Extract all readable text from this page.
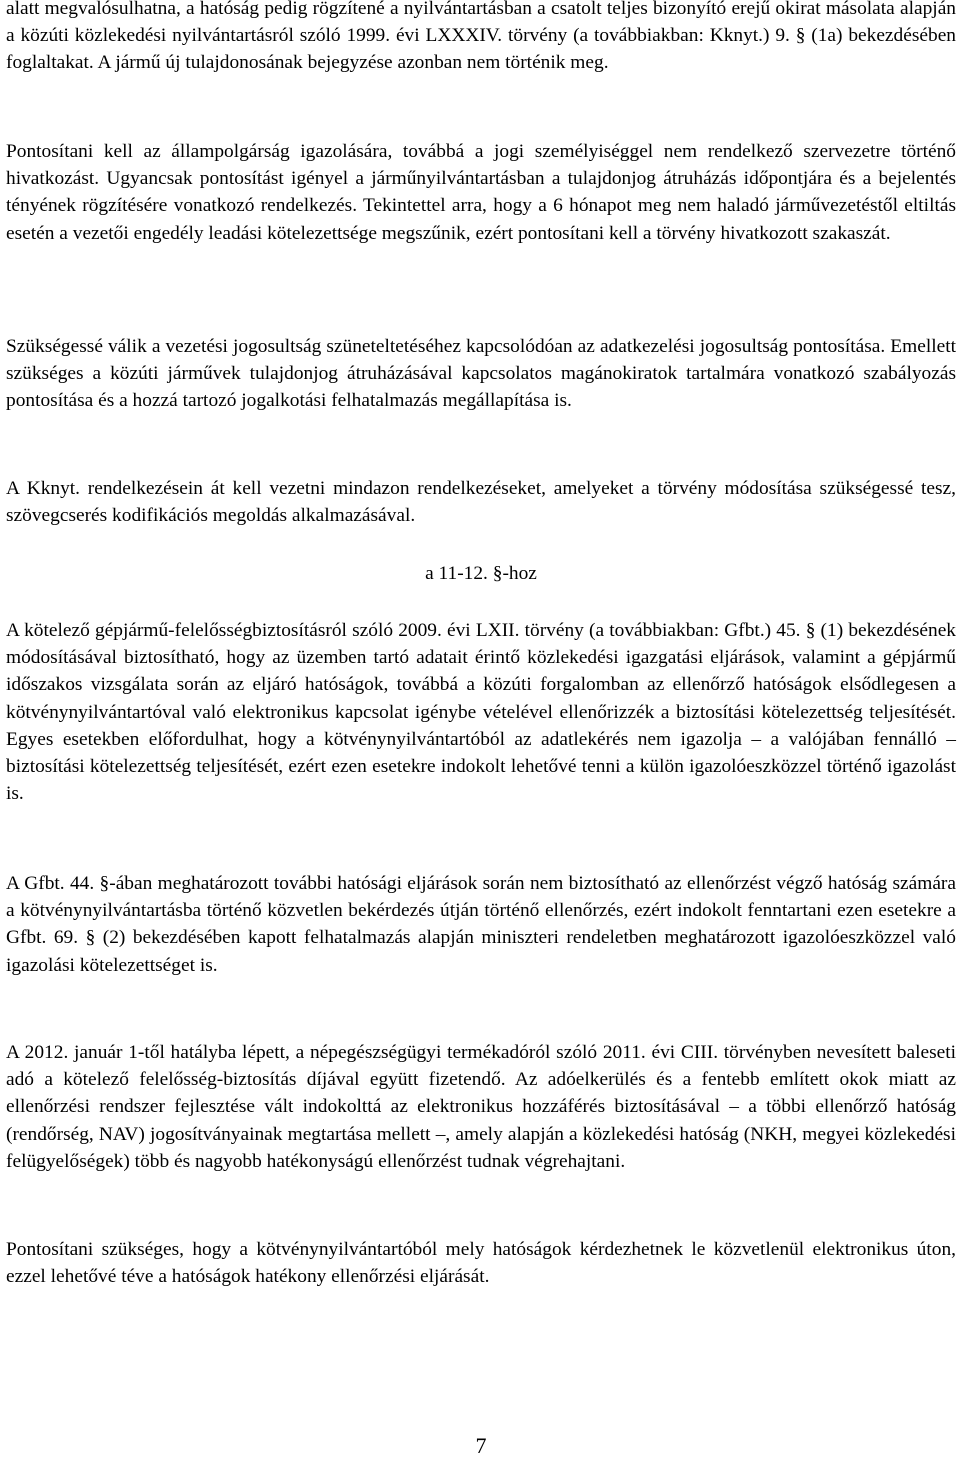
alatt megvalósulhatna, a hatóság pedig rögzítené a nyilvántartásban a csatolt teljes bizonyító erejű okirat másolata alapján a közúti közlekedési nyilvántartásról szóló 1999. évi LXXXIV. törvény (a továbbiakban: Kknyt.) 9. § (1a) bekezdésében foglaltakat. A jármű új tulajdonosának bejegyzése azonban nem történik meg.

Pontosítani kell az állampolgárság igazolására, továbbá a jogi személyiséggel nem rendelkező szervezetre történő hivatkozást. Ugyancsak pontosítást igényel a járműnyilvántartásban a tulajdonjog átruházás időpontjára és a bejelentés tényének rögzítésére vonatkozó rendelkezés. Tekintettel arra, hogy a 6 hónapot meg nem haladó járművezetéstől eltiltás esetén a vezetői engedély leadási kötelezettsége megszűnik, ezért pontosítani kell a törvény hivatkozott szakaszát.

Szükségessé válik a vezetési jogosultság szüneteltetéséhez kapcsolódóan az adatkezelési jogosultság pontosítása. Emellett szükséges a közúti járművek tulajdonjog átruházásával kapcsolatos magánokiratok tartalmára vonatkozó szabályozás pontosítása és a hozzá tartozó jogalkotási felhatalmazás megállapítása is.

A Kknyt. rendelkezésein át kell vezetni mindazon rendelkezéseket, amelyeket a törvény módosítása szükségessé tesz, szövegcserés kodifikációs megoldás alkalmazásával.

a 11-12. §-hoz

A kötelező gépjármű-felelősségbiztosításról szóló 2009. évi LXII. törvény (a továbbiakban: Gfbt.) 45. § (1) bekezdésének módosításával biztosítható, hogy az üzemben tartó adatait érintő közlekedési igazgatási eljárások, valamint a gépjármű időszakos vizsgálata során az eljáró hatóságok, továbbá a közúti forgalomban az ellenőrző hatóságok elsődlegesen a kötvénynyilvántartóval való elektronikus kapcsolat igénybe vételével ellenőrizzék a biztosítási kötelezettség teljesítését. Egyes esetekben előfordulhat, hogy a kötvénynyilvántartóból az adatlekérés nem igazolja – a valójában fennálló – biztosítási kötelezettség teljesítését, ezért ezen esetekre indokolt lehetővé tenni a külön igazolóeszközzel történő igazolást is.

A Gfbt. 44. §-ában meghatározott további hatósági eljárások során nem biztosítható az ellenőrzést végző hatóság számára a kötvénynyilvántartásba történő közvetlen bekérdezés útján történő ellenőrzés, ezért indokolt fenntartani ezen esetekre a Gfbt. 69. § (2) bekezdésében kapott felhatalmazás alapján miniszteri rendeletben meghatározott igazolóeszközzel való igazolási kötelezettséget is.

A 2012. január 1-től hatályba lépett, a népegészségügyi termékadóról szóló 2011. évi CIII. törvényben nevesített baleseti adó a kötelező felelősség-biztosítás díjával együtt fizetendő. Az adóelkerülés és a fentebb említett okok miatt az ellenőrzési rendszer fejlesztése vált indokolttá az elektronikus hozzáférés biztosításával – a többi ellenőrző hatóság (rendőrség, NAV) jogosítványainak megtartása mellett –, amely alapján a közlekedési hatóság (NKH, megyei közlekedési felügyelőségek) több és nagyobb hatékonyságú ellenőrzést tudnak végrehajtani.

Pontosítani szükséges, hogy a kötvénynyilvántartóból mely hatóságok kérdezhetnek le közvetlenül elektronikus úton, ezzel lehetővé téve a hatóságok hatékony ellenőrzési eljárását.

7
